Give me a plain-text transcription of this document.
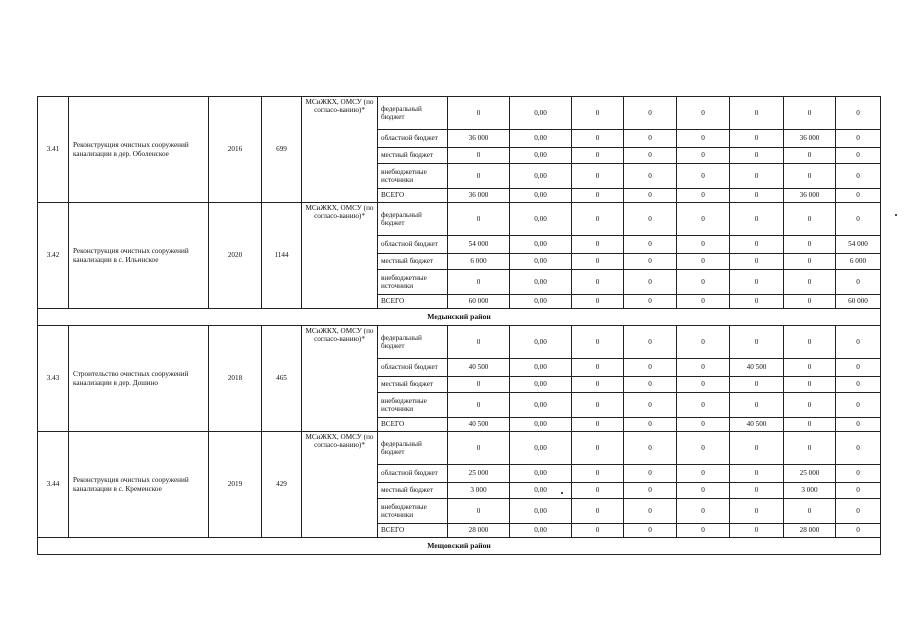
3.41	Реконструкция очистных сооружений канализации в дер. Оболенское	2016	699	МСиЖКХ, ОМСУ (по согласо-ванию)*	федеральный бюджет	0	0,00	0	0	0	0	0	0
					областной бюджет	36 000	0,00	0	0	0	0	36 000	0
					местный бюджет	0	0,00	0	0	0	0	0	0
					внебюджетные источники	0	0,00	0	0	0	0	0	0
					ВСЕГО	36 000	0,00	0	0	0	0	36 000	0
3.42	Реконструкция очистных сооружений канализации в с. Ильинское	2020	1144	МСиЖКХ, ОМСУ (по согласо-ванию)*	федеральный бюджет	0	0,00	0	0	0	0	0	0
					областной бюджет	54 000	0,00	0	0	0	0	0	54 000
					местный бюджет	6 000	0,00	0	0	0	0	0	6 000
					внебюджетные источники	0	0,00	0	0	0	0	0	0
					ВСЕГО	60 000	0,00	0	0	0	0	0	60 000
Медынский район													
3.43	Строительство очистных сооружений канализации в дер. Дошино	2018	465	МСиЖКХ, ОМСУ (по согласо-ванию)*	федеральный бюджет	0	0,00	0	0	0	0	0	0
					областной бюджет	40 500	0,00	0	0	0	40 500	0	0
					местный бюджет	0	0,00	0	0	0	0	0	0
					внебюджетные источники	0	0,00	0	0	0	0	0	0
					ВСЕГО	40 500	0,00	0	0	0	40 500	0	0
3.44	Реконструкция очистных сооружений канализации в с. Кременское	2019	429	МСиЖКХ, ОМСУ (по согласо-ванию)*	федеральный бюджет	0	0,00	0	0	0	0	0	0
					областной бюджет	25 000	0,00	0	0	0	0	25 000	0
					местный бюджет	3 000	0,00	0	0	0	0	3 000	0
					внебюджетные источники	0	0,00	0	0	0	0	0	0
					ВСЕГО	28 000	0,00	0	0	0	0	28 000	0
Мещовский район													
